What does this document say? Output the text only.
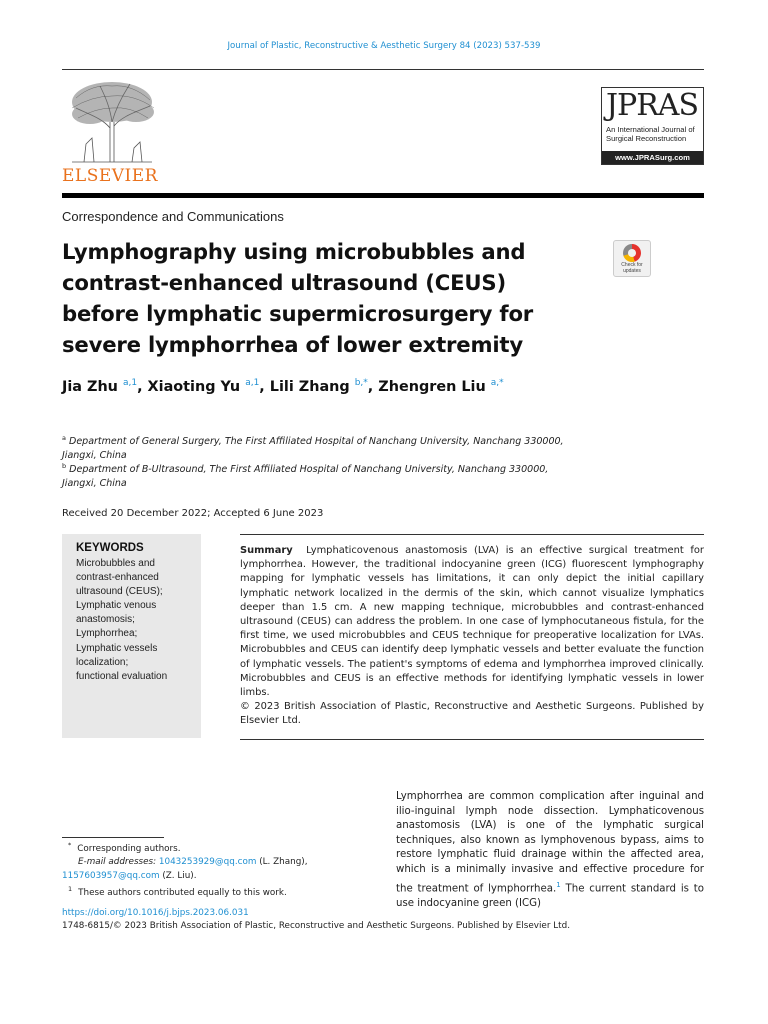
Journal of Plastic, Reconstructive & Aesthetic Surgery 84 (2023) 537-539
ELSEVIER
JPRAS
An International Journal of
Surgical Reconstruction
www.JPRASurg.com
Correspondence and Communications
Lymphography using microbubbles and
contrast-enhanced ultrasound (CEUS)
before lymphatic supermicrosurgery for
severe lymphorrhea of lower extremity
Check for
updates
Jia Zhu $^{a,1}$, Xiaoting Yu $^{a,1}$, Lili Zhang $^{b,*}$, Zhengren Liu $^{a,*}$
$^a$ Department of General Surgery, The First Affiliated Hospital of Nanchang University, Nanchang 330000,
Jiangxi, China
$^b$ Department of B-Ultrasound, The First Affiliated Hospital of Nanchang University, Nanchang 330000,
Jiangxi, China
Received 20 December 2022; Accepted 6 June 2023
KEYWORDS
Microbubbles and
contrast-enhanced
ultrasound (CEUS);
Lymphatic venous
anastomosis;
Lymphorrhea;
Lymphatic vessels
localization;
functional evaluation
Summary Lymphaticovenous anastomosis (LVA) is an effective surgical treatment for lymphorrhea. However, the traditional indocyanine green (ICG) fluorescent lymphography mapping for lymphatic vessels has limitations, it can only depict the initial capillary lymphatic network localized in the dermis of the skin, which cannot visualize lymphatics deeper than 1.5 cm. A new mapping technique, microbubbles and contrast-enhanced ultrasound (CEUS) can address the problem. In one case of lymphocutaneous fistula, for the first time, we used microbubbles and CEUS technique for preoperative localization for LVAs. Microbubbles and CEUS can identify deep lymphatic vessels and better evaluate the function of lymphatic vessels. The patient's symptoms of edema and lymphorrhea improved clinically. Microbubbles and CEUS is an effective methods for identifying lymphatic vessels in lower limbs.
© 2023 British Association of Plastic, Reconstructive and Aesthetic Surgeons. Published by Elsevier Ltd.
Lymphorrhea are common complication after inguinal and ilio-inguinal lymph node dissection. Lymphaticovenous anastomosis (LVA) is one of the lymphatic surgical techniques, also known as lymphovenous bypass, aims to restore lymphatic fluid drainage within the affected area, which is a minimally invasive and effective procedure for the treatment of lymphorrhea.$^1$ The current standard is to use indocyanine green (ICG)
* Corresponding authors.
E-mail addresses: 1043253929@qq.com (L. Zhang),
1157603957@qq.com (Z. Liu).
$^1$ These authors contributed equally to this work.
https://doi.org/10.1016/j.bjps.2023.06.031
1748-6815/© 2023 British Association of Plastic, Reconstructive and Aesthetic Surgeons. Published by Elsevier Ltd.
